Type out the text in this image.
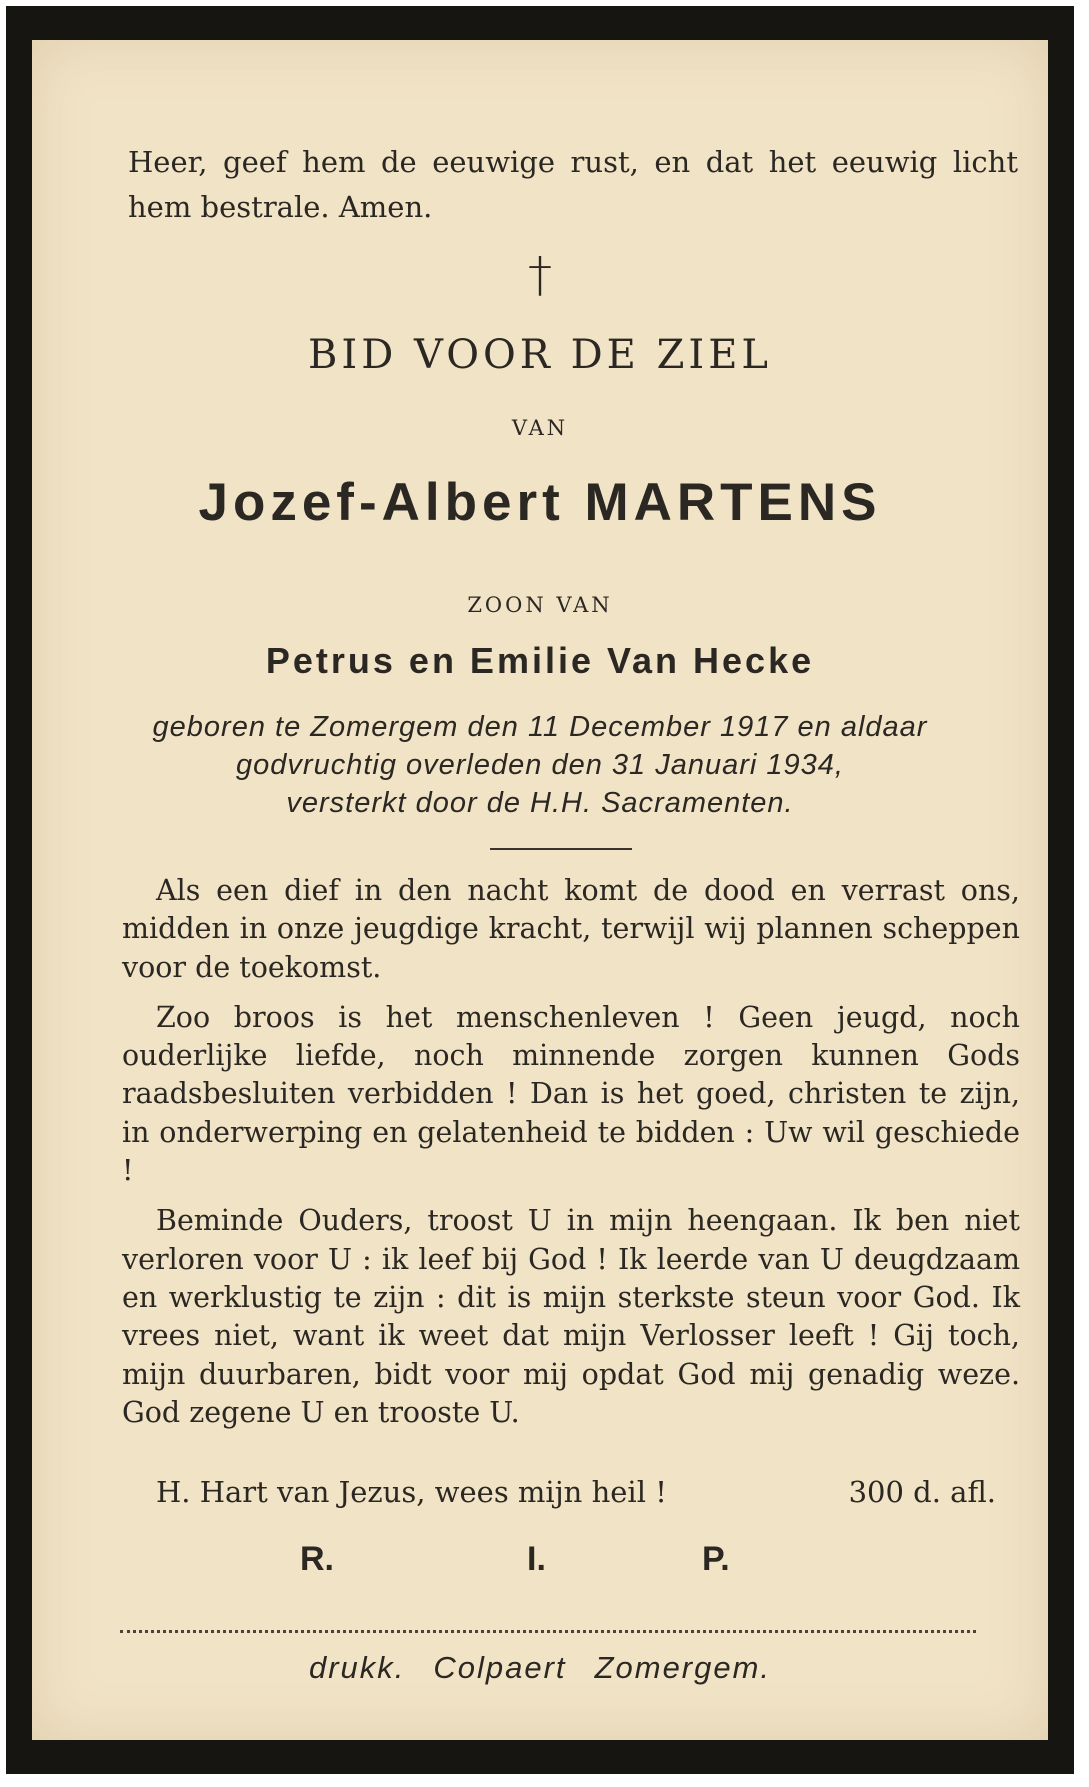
Heer, geef hem de eeuwige rust, en dat het eeuwig licht hem bestrale. Amen.
†
BID VOOR DE ZIEL
VAN
Jozef-Albert MARTENS
ZOON VAN
Petrus en Emilie Van Hecke
geboren te Zomergem den 11 December 1917 en aldaar
godvruchtig overleden den 31 Januari 1934,
versterkt door de H.H. Sacramenten.

Als een dief in den nacht komt de dood en verrast ons, midden in onze jeugdige kracht, terwijl wij plannen scheppen voor de toekomst.

Zoo broos is het menschenleven ! Geen jeugd, noch ouderlijke liefde, noch minnende zorgen kunnen Gods raadsbesluiten verbidden ! Dan is het goed, christen te zijn, in onderwerping en gelatenheid te bidden : Uw wil geschiede !

Beminde Ouders, troost U in mijn heengaan. Ik ben niet verloren voor U : ik leef bij God ! Ik leerde van U deugdzaam en werklustig te zijn : dit is mijn sterkste steun voor God. Ik vrees niet, want ik weet dat mijn Verlosser leeft ! Gij toch, mijn duurbaren, bidt voor mij opdat God mij genadig weze. God zegene U en trooste U.

H. Hart van Jezus, wees mijn heil !	300 d. afl.
R.	I.	P.
drukk. Colpaert Zomergem.
